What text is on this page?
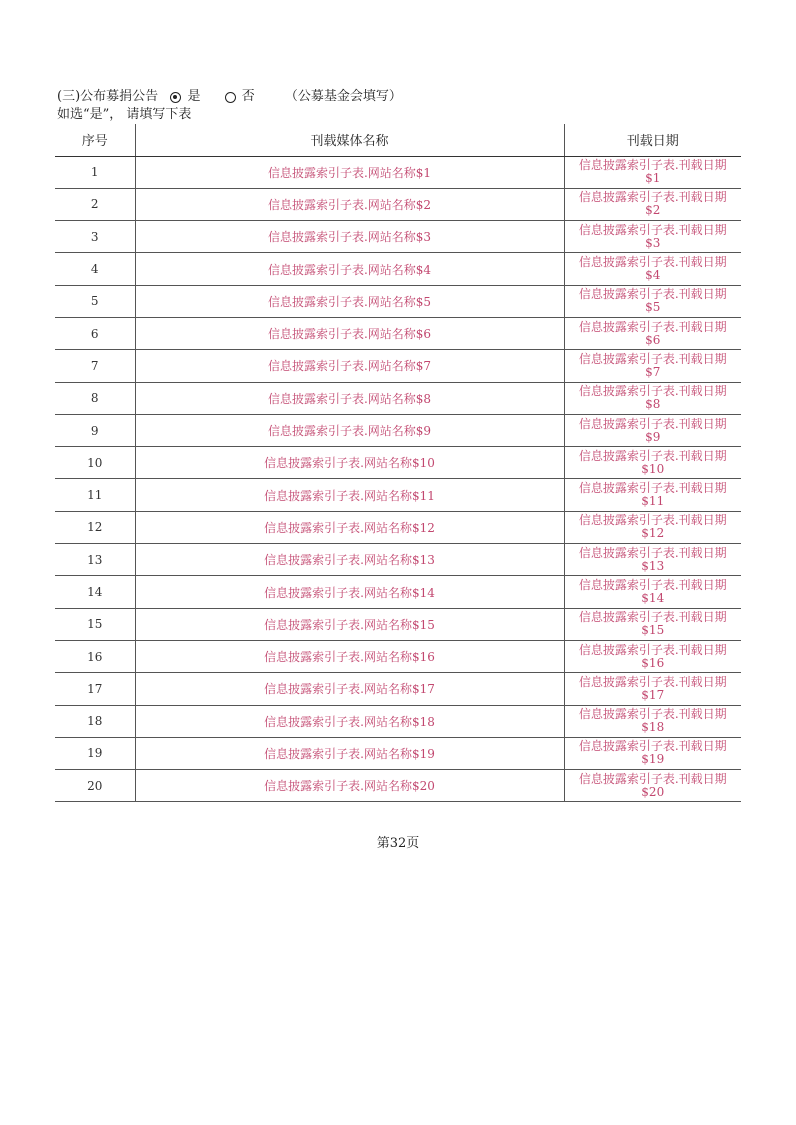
(三)公布募捐公告 是	否 （公募基金会填写）
如选“是”， 请填写下表
序号	刊载媒体名称	刊载日期
1	信息披露索引子表.网站名称$1	信息披露索引子表.刊载日期
$1

2	信息披露索引子表.网站名称$2	信息披露索引子表.刊载日期
$2

3	信息披露索引子表.网站名称$3	信息披露索引子表.刊载日期
$3

4	信息披露索引子表.网站名称$4	信息披露索引子表.刊载日期
$4

5	信息披露索引子表.网站名称$5	信息披露索引子表.刊载日期
$5

6	信息披露索引子表.网站名称$6	信息披露索引子表.刊载日期
$6

7	信息披露索引子表.网站名称$7	信息披露索引子表.刊载日期
$7

8	信息披露索引子表.网站名称$8	信息披露索引子表.刊载日期
$8

9	信息披露索引子表.网站名称$9	信息披露索引子表.刊载日期
$9

10	信息披露索引子表.网站名称$10	信息披露索引子表.刊载日期
$10

11	信息披露索引子表.网站名称$11	信息披露索引子表.刊载日期
$11

12	信息披露索引子表.网站名称$12	信息披露索引子表.刊载日期
$12

13	信息披露索引子表.网站名称$13	信息披露索引子表.刊载日期
$13

14	信息披露索引子表.网站名称$14	信息披露索引子表.刊载日期
$14

15	信息披露索引子表.网站名称$15	信息披露索引子表.刊载日期
$15

16	信息披露索引子表.网站名称$16	信息披露索引子表.刊载日期
$16

17	信息披露索引子表.网站名称$17	信息披露索引子表.刊载日期
$17

18	信息披露索引子表.网站名称$18	信息披露索引子表.刊载日期
$18

19	信息披露索引子表.网站名称$19	信息披露索引子表.刊载日期
$19

20	信息披露索引子表.网站名称$20	信息披露索引子表.刊载日期
$20
第32页
